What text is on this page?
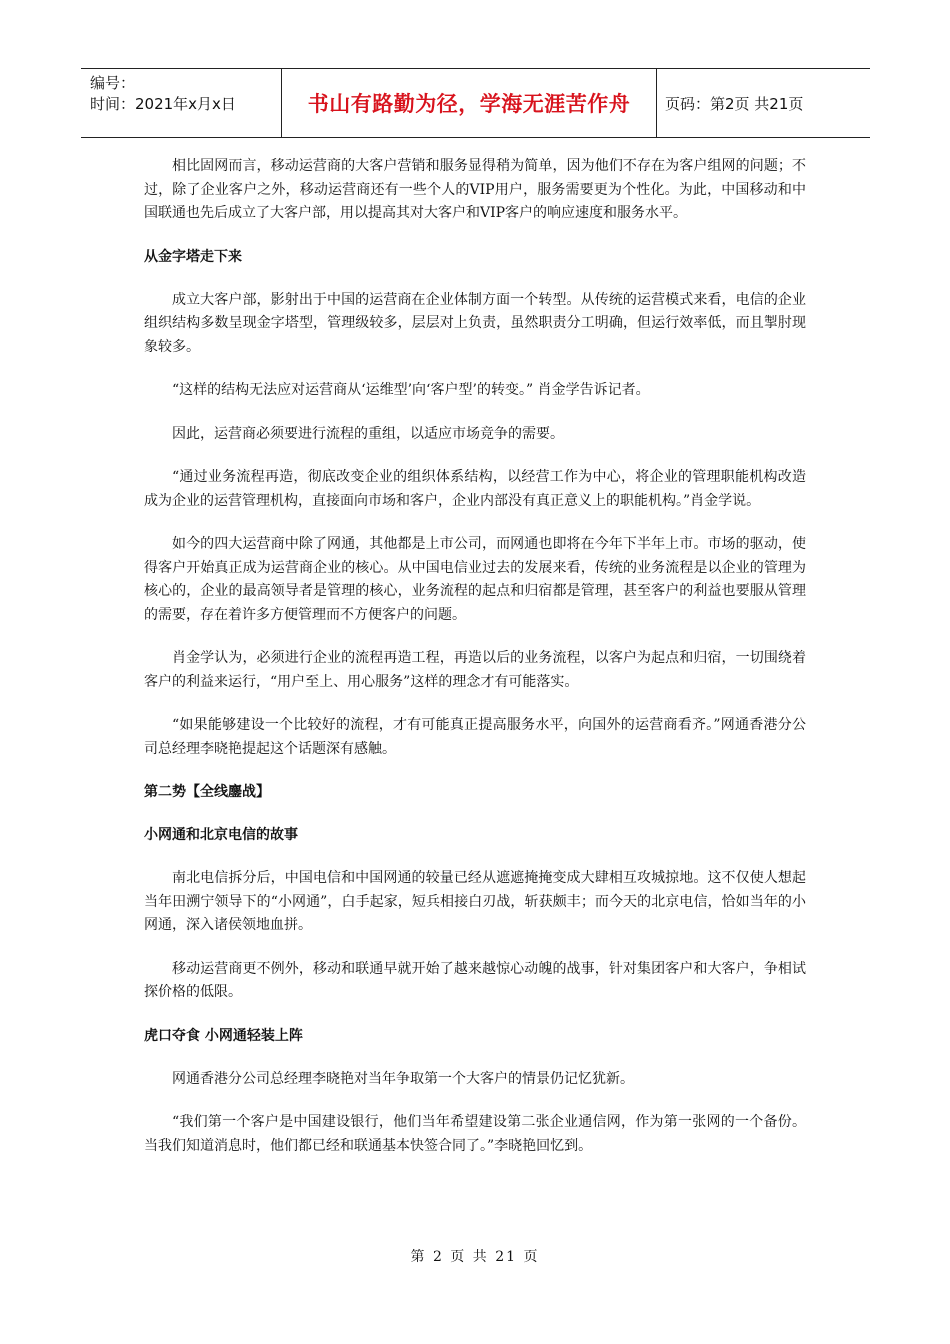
编号：
时间：2021年x月x日	书山有路勤为径，学海无涯苦作舟 页码：第2页 共21页

相比固网而言，移动运营商的大客户营销和服务显得稍为简单，因为他们不存在为客户组网的问题；不过，除了企业客户之外，移动运营商还有一些个人的VIP用户，服务需要更为个性化。为此，中国移动和中国联通也先后成立了大客户部，用以提高其对大客户和VIP客户的响应速度和服务水平。

从金字塔走下来

成立大客户部，影射出于中国的运营商在企业体制方面一个转型。从传统的运营模式来看，电信的企业组织结构多数呈现金字塔型，管理级较多，层层对上负责，虽然职责分工明确，但运行效率低，而且掣肘现象较多。

“这样的结构无法应对运营商从‘运维型’向‘客户型’的转变。” 肖金学告诉记者。

因此，运营商必须要进行流程的重组，以适应市场竞争的需要。

“通过业务流程再造，彻底改变企业的组织体系结构，以经营工作为中心，将企业的管理职能机构改造成为企业的运营管理机构，直接面向市场和客户，企业内部没有真正意义上的职能机构。”肖金学说。

如今的四大运营商中除了网通，其他都是上市公司，而网通也即将在今年下半年上市。市场的驱动，使得客户开始真正成为运营商企业的核心。从中国电信业过去的发展来看，传统的业务流程是以企业的管理为核心的，企业的最高领导者是管理的核心，业务流程的起点和归宿都是管理，甚至客户的利益也要服从管理的需要，存在着许多方便管理而不方便客户的问题。

肖金学认为，必须进行企业的流程再造工程，再造以后的业务流程，以客户为起点和归宿，一切围绕着客户的利益来运行，“用户至上、用心服务”这样的理念才有可能落实。

“如果能够建设一个比较好的流程，才有可能真正提高服务水平，向国外的运营商看齐。”网通香港分公司总经理李晓艳提起这个话题深有感触。

第二势【全线鏖战】
小网通和北京电信的故事

南北电信拆分后，中国电信和中国网通的较量已经从遮遮掩掩变成大肆相互攻城掠地。这不仅使人想起当年田溯宁领导下的“小网通”，白手起家，短兵相接白刃战，斩获颇丰；而今天的北京电信，恰如当年的小网通，深入诸侯领地血拼。

移动运营商更不例外，移动和联通早就开始了越来越惊心动魄的战事，针对集团客户和大客户，争相试探价格的低限。

虎口夺食 小网通轻装上阵

网通香港分公司总经理李晓艳对当年争取第一个大客户的情景仍记忆犹新。

“我们第一个客户是中国建设银行，他们当年希望建设第二张企业通信网，作为第一张网的一个备份。当我们知道消息时，他们都已经和联通基本快签合同了。”李晓艳回忆到。

第 2 页 共 21 页
